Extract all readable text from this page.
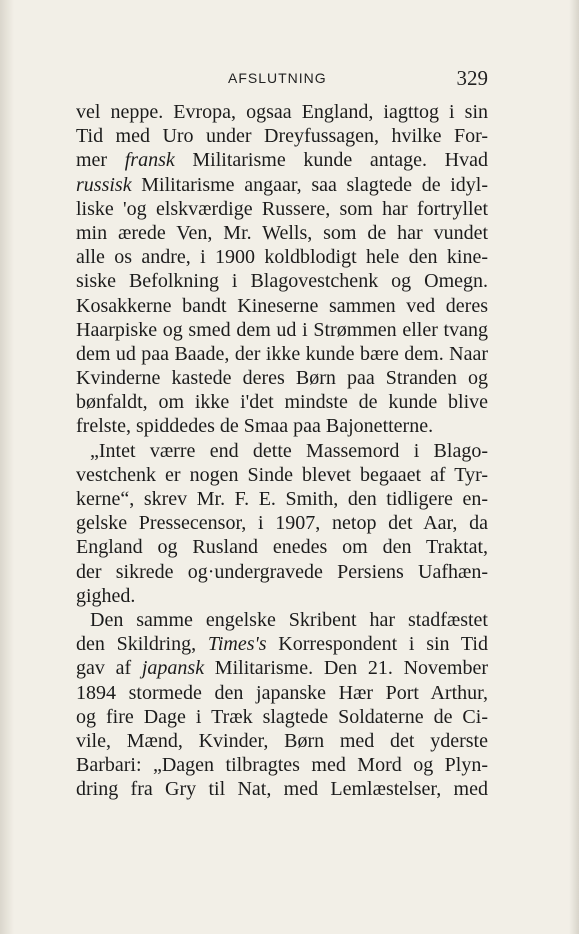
AFSLUTNING	329
vel neppe. Evropa, ogsaa England, iagttog i sin
Tid med Uro under Dreyfussagen, hvilke For-
mer fransk Militarisme kunde antage. Hvad
russisk Militarisme angaar, saa slagtede de idyl-
liske 'og elskværdige Russere, som har fortryllet
min ærede Ven, Mr. Wells, som de har vundet
alle os andre, i 1900 koldblodigt hele den kine-
siske Befolkning i Blagovestchenk og Omegn.
Kosakkerne bandt Kineserne sammen ved deres
Haarpiske og smed dem ud i Strømmen eller tvang
dem ud paa Baade, der ikke kunde bære dem. Naar
Kvinderne kastede deres Børn paa Stranden og
bønfaldt, om ikke i'det mindste de kunde blive
frelste, spiddedes de Smaa paa Bajonetterne.
„Intet værre end dette Massemord i Blago-
vestchenk er nogen Sinde blevet begaaet af Tyr-
kerne“, skrev Mr. F. E. Smith, den tidligere en-
gelske Pressecensor, i 1907, netop det Aar, da
England og Rusland enedes om den Traktat,
der sikrede og·undergravede Persiens Uafhæn-
gighed.
Den samme engelske Skribent har stadfæstet
den Skildring, Times's Korrespondent i sin Tid
gav af japansk Militarisme. Den 21. November
1894 stormede den japanske Hær Port Arthur,
og fire Dage i Træk slagtede Soldaterne de Ci-
vile, Mænd, Kvinder, Børn med det yderste
Barbari: „Dagen tilbragtes med Mord og Plyn-
dring fra Gry til Nat, med Lemlæstelser, med
